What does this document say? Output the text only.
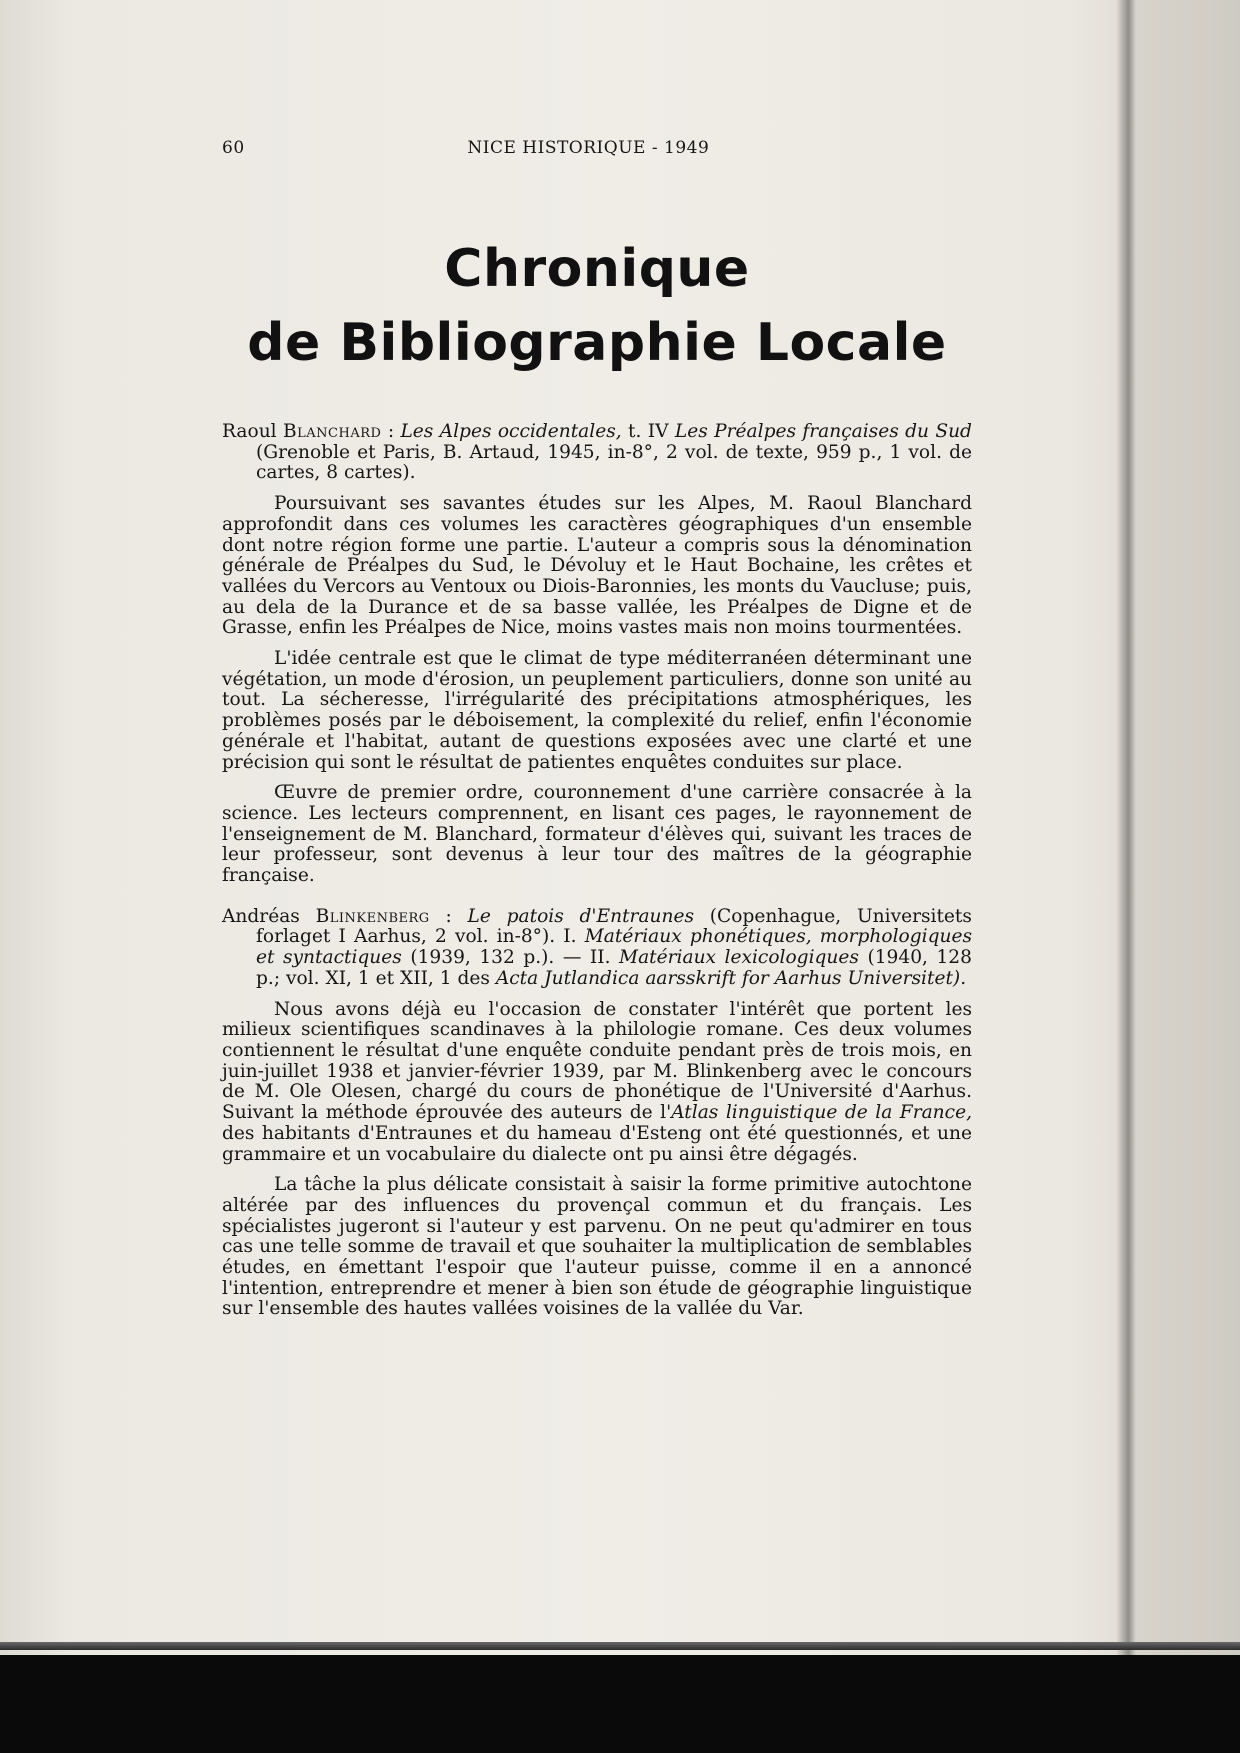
60	NICE HISTORIQUE - 1949
Chronique
de Bibliographie Locale

Raoul Blanchard : Les Alpes occidentales, t. IV Les Préalpes françaises du Sud (Grenoble et Paris, B. Artaud, 1945, in-8°, 2 vol. de texte, 959 p., 1 vol. de cartes, 8 cartes).

Poursuivant ses savantes études sur les Alpes, M. Raoul Blanchard approfondit dans ces volumes les caractères géographiques d'un ensemble dont notre région forme une partie. L'auteur a compris sous la dénomination générale de Préalpes du Sud, le Dévoluy et le Haut Bochaine, les crêtes et vallées du Vercors au Ventoux ou Diois-Baronnies, les monts du Vaucluse; puis, au dela de la Durance et de sa basse vallée, les Préalpes de Digne et de Grasse, enfin les Préalpes de Nice, moins vastes mais non moins tourmentées.

L'idée centrale est que le climat de type méditerranéen déterminant une végétation, un mode d'érosion, un peuplement particuliers, donne son unité au tout. La sécheresse, l'irrégularité des précipitations atmosphériques, les problèmes posés par le déboisement, la complexité du relief, enfin l'économie générale et l'habitat, autant de questions exposées avec une clarté et une précision qui sont le résultat de patientes enquêtes conduites sur place.

Œuvre de premier ordre, couronnement d'une carrière consacrée à la science. Les lecteurs comprennent, en lisant ces pages, le rayonnement de l'enseignement de M. Blanchard, formateur d'élèves qui, suivant les traces de leur professeur, sont devenus à leur tour des maîtres de la géographie française.

Andréas Blinkenberg : Le patois d'Entraunes (Copenhague, Universitets forlaget I Aarhus, 2 vol. in-8°). I. Matériaux phonétiques, morphologiques et syntactiques (1939, 132 p.). — II. Matériaux lexicologiques (1940, 128 p.; vol. XI, 1 et XII, 1 des Acta Jutlandica aarsskrift for Aarhus Universitet).

Nous avons déjà eu l'occasion de constater l'intérêt que portent les milieux scientifiques scandinaves à la philologie romane. Ces deux volumes contiennent le résultat d'une enquête conduite pendant près de trois mois, en juin-juillet 1938 et janvier-février 1939, par M. Blinkenberg avec le concours de M. Ole Olesen, chargé du cours de phonétique de l'Université d'Aarhus. Suivant la méthode éprouvée des auteurs de l'Atlas linguistique de la France, des habitants d'Entraunes et du hameau d'Esteng ont été questionnés, et une grammaire et un vocabulaire du dialecte ont pu ainsi être dégagés.

La tâche la plus délicate consistait à saisir la forme primitive autochtone altérée par des influences du provençal commun et du français. Les spécialistes jugeront si l'auteur y est parvenu. On ne peut qu'admirer en tous cas une telle somme de travail et que souhaiter la multiplication de semblables études, en émettant l'espoir que l'auteur puisse, comme il en a annoncé l'intention, entreprendre et mener à bien son étude de géographie linguistique sur l'ensemble des hautes vallées voisines de la vallée du Var.
